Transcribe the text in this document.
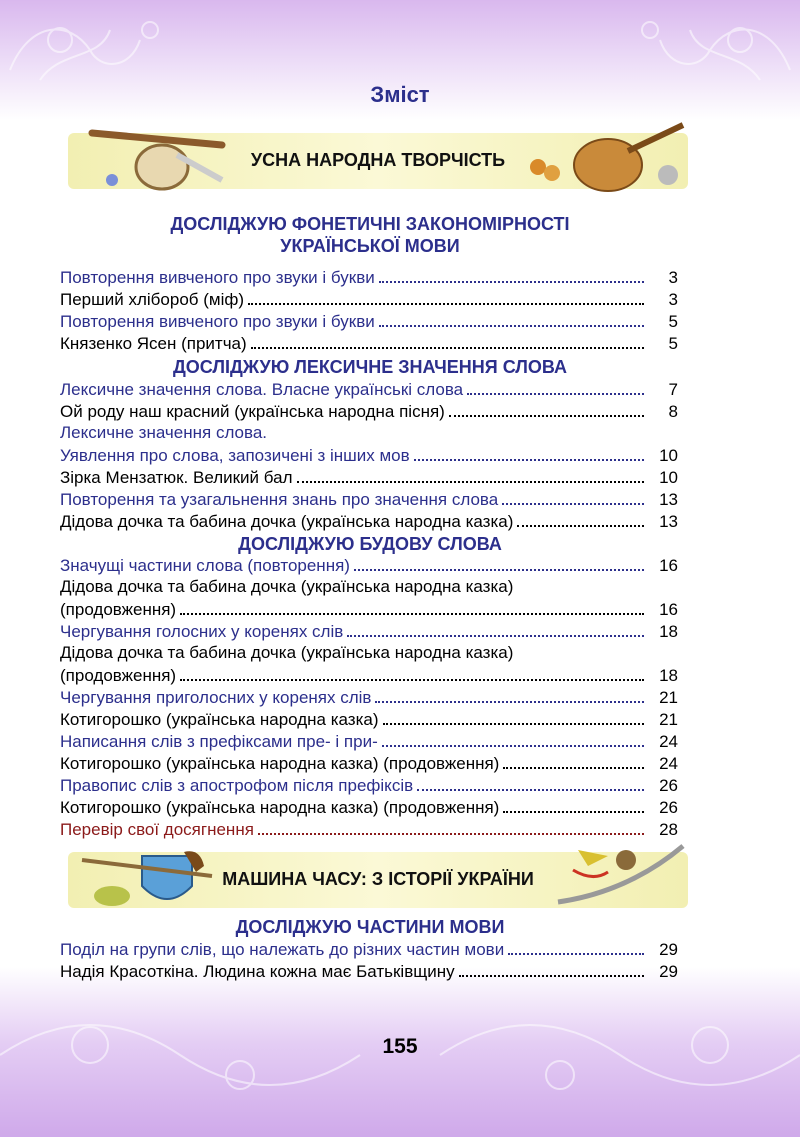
Зміст
УСНА НАРОДНА ТВОРЧІСТЬ
ДОСЛІДЖУЮ ФОНЕТИЧНІ ЗАКОНОМІРНОСТІ
УКРАЇНСЬКОЇ МОВИ
Повторення вивченого про звуки і букви	3
Перший хлібороб (міф)	3
Повторення вивченого про звуки і букви	5
Князенко Ясен (притча)	5
ДОСЛІДЖУЮ ЛЕКСИЧНЕ ЗНАЧЕННЯ СЛОВА
Лексичне значення слова. Власне українські слова	7
Ой роду наш красний (українська народна пісня)	8
Лексичне значення слова.
Уявлення про слова, запозичені з інших мов	10
Зірка Мензатюк. Великий бал	10
Повторення та узагальнення знань про значення слова	13
Дідова дочка та бабина дочка (українська народна казка)	13
ДОСЛІДЖУЮ БУДОВУ СЛОВА
Значущі частини слова (повторення)	16
Дідова дочка та бабина дочка (українська народна казка)
(продовження)	16
Чергування голосних у коренях слів	18
Дідова дочка та бабина дочка (українська народна казка)
(продовження)	18
Чергування приголосних у коренях слів	21
Котигорошко (українська народна казка)	21
Написання слів з префіксами пре- і при-	24
Котигорошко (українська народна казка) (продовження)	24
Правопис слів з апострофом після префіксів	26
Котигорошко (українська народна казка) (продовження)	26
Перевір свої досягнення	28
МАШИНА ЧАСУ: З ІСТОРІЇ УКРАЇНИ
ДОСЛІДЖУЮ ЧАСТИНИ МОВИ
Поділ на групи слів, що належать до різних частин мови	29
Надія Красоткіна. Людина кожна має Батьківщину	29
155
